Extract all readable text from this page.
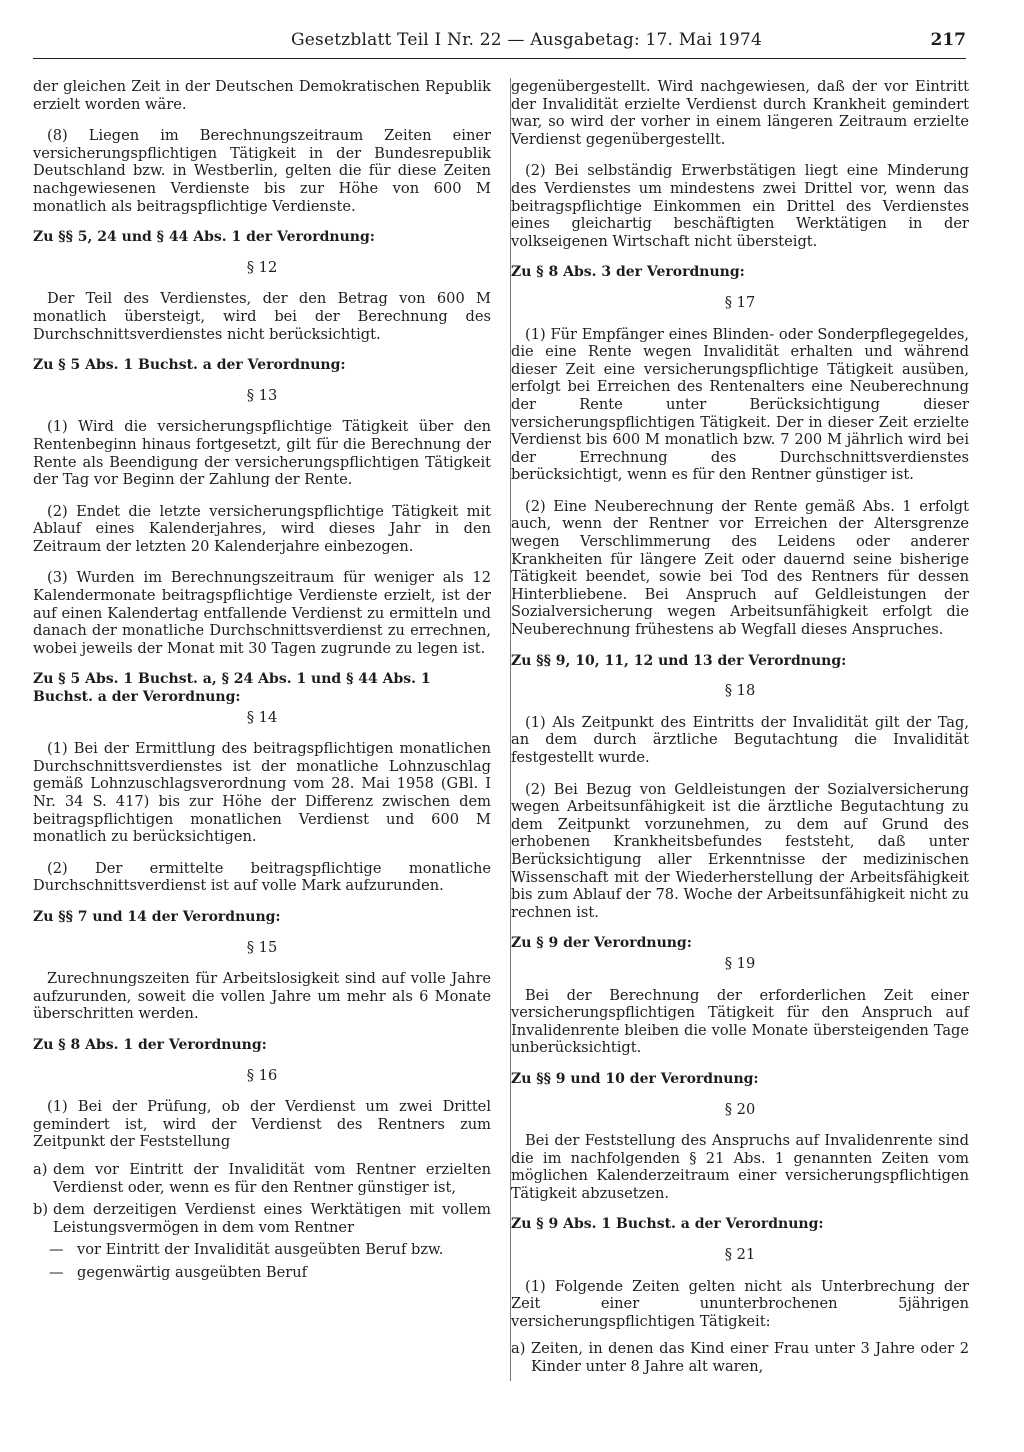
Gesetzblatt Teil I Nr. 22 — Ausgabetag: 17. Mai 1974	217

der gleichen Zeit in der Deutschen Demokratischen Republik erzielt worden wäre.

(8) Liegen im Berechnungszeitraum Zeiten einer versicherungspflichtigen Tätigkeit in der Bundesrepublik Deutschland bzw. in Westberlin, gelten die für diese Zeiten nachgewiesenen Verdienste bis zur Höhe von 600 M monatlich als beitragspflichtige Verdienste.

Zu §§ 5, 24 und § 44 Abs. 1 der Verordnung:
§ 12

Der Teil des Verdienstes, der den Betrag von 600 M monatlich übersteigt, wird bei der Berechnung des Durchschnittsverdienstes nicht berücksichtigt.

Zu § 5 Abs. 1 Buchst. a der Verordnung:
§ 13

(1) Wird die versicherungspflichtige Tätigkeit über den Rentenbeginn hinaus fortgesetzt, gilt für die Berechnung der Rente als Beendigung der versicherungspflichtigen Tätigkeit der Tag vor Beginn der Zahlung der Rente.

(2) Endet die letzte versicherungspflichtige Tätigkeit mit Ablauf eines Kalenderjahres, wird dieses Jahr in den Zeitraum der letzten 20 Kalenderjahre einbezogen.

(3) Wurden im Berechnungszeitraum für weniger als 12 Kalendermonate beitragspflichtige Verdienste erzielt, ist der auf einen Kalendertag entfallende Verdienst zu ermitteln und danach der monatliche Durchschnittsverdienst zu errechnen, wobei jeweils der Monat mit 30 Tagen zugrunde zu legen ist.

Zu § 5 Abs. 1 Buchst. a, § 24 Abs. 1 und § 44 Abs. 1 Buchst. a der Verordnung:
§ 14

(1) Bei der Ermittlung des beitragspflichtigen monatlichen Durchschnittsverdienstes ist der monatliche Lohnzuschlag gemäß Lohnzuschlagsverordnung vom 28. Mai 1958 (GBl. I Nr. 34 S. 417) bis zur Höhe der Differenz zwischen dem beitragspflichtigen monatlichen Verdienst und 600 M monatlich zu berücksichtigen.

(2) Der ermittelte beitragspflichtige monatliche Durchschnittsverdienst ist auf volle Mark aufzurunden.

Zu §§ 7 und 14 der Verordnung:
§ 15

Zurechnungszeiten für Arbeitslosigkeit sind auf volle Jahre aufzurunden, soweit die vollen Jahre um mehr als 6 Monate überschritten werden.

Zu § 8 Abs. 1 der Verordnung:
§ 16

(1) Bei der Prüfung, ob der Verdienst um zwei Drittel gemindert ist, wird der Verdienst des Rentners zum Zeitpunkt der Feststellung

a) dem vor Eintritt der Invalidität vom Rentner erzielten Verdienst oder, wenn es für den Rentner günstiger ist,
b) dem derzeitigen Verdienst eines Werktätigen mit vollem Leistungsvermögen in dem vom Rentner
— vor Eintritt der Invalidität ausgeübten Beruf bzw.
— gegenwärtig ausgeübten Beruf

gegenübergestellt. Wird nachgewiesen, daß der vor Eintritt der Invalidität erzielte Verdienst durch Krankheit gemindert war, so wird der vorher in einem längeren Zeitraum erzielte Verdienst gegenübergestellt.

(2) Bei selbständig Erwerbstätigen liegt eine Minderung des Verdienstes um mindestens zwei Drittel vor, wenn das beitragspflichtige Einkommen ein Drittel des Verdienstes eines gleichartig beschäftigten Werktätigen in der volkseigenen Wirtschaft nicht übersteigt.

Zu § 8 Abs. 3 der Verordnung:
§ 17

(1) Für Empfänger eines Blinden- oder Sonderpflegegeldes, die eine Rente wegen Invalidität erhalten und während dieser Zeit eine versicherungspflichtige Tätigkeit ausüben, erfolgt bei Erreichen des Rentenalters eine Neuberechnung der Rente unter Berücksichtigung dieser versicherungspflichtigen Tätigkeit. Der in dieser Zeit erzielte Verdienst bis 600 M monatlich bzw. 7 200 M jährlich wird bei der Errechnung des Durchschnittsverdienstes berücksichtigt, wenn es für den Rentner günstiger ist.

(2) Eine Neuberechnung der Rente gemäß Abs. 1 erfolgt auch, wenn der Rentner vor Erreichen der Altersgrenze wegen Verschlimmerung des Leidens oder anderer Krankheiten für längere Zeit oder dauernd seine bisherige Tätigkeit beendet, sowie bei Tod des Rentners für dessen Hinterbliebene. Bei Anspruch auf Geldleistungen der Sozialversicherung wegen Arbeitsunfähigkeit erfolgt die Neuberechnung frühestens ab Wegfall dieses Anspruches.

Zu §§ 9, 10, 11, 12 und 13 der Verordnung:
§ 18

(1) Als Zeitpunkt des Eintritts der Invalidität gilt der Tag, an dem durch ärztliche Begutachtung die Invalidität festgestellt wurde.

(2) Bei Bezug von Geldleistungen der Sozialversicherung wegen Arbeitsunfähigkeit ist die ärztliche Begutachtung zu dem Zeitpunkt vorzunehmen, zu dem auf Grund des erhobenen Krankheitsbefundes feststeht, daß unter Berücksichtigung aller Erkenntnisse der medizinischen Wissenschaft mit der Wiederherstellung der Arbeitsfähigkeit bis zum Ablauf der 78. Woche der Arbeitsunfähigkeit nicht zu rechnen ist.

Zu § 9 der Verordnung:
§ 19

Bei der Berechnung der erforderlichen Zeit einer versicherungspflichtigen Tätigkeit für den Anspruch auf Invalidenrente bleiben die volle Monate übersteigenden Tage unberücksichtigt.

Zu §§ 9 und 10 der Verordnung:
§ 20

Bei der Feststellung des Anspruchs auf Invalidenrente sind die im nachfolgenden § 21 Abs. 1 genannten Zeiten vom möglichen Kalenderzeitraum einer versicherungspflichtigen Tätigkeit abzusetzen.

Zu § 9 Abs. 1 Buchst. a der Verordnung:
§ 21

(1) Folgende Zeiten gelten nicht als Unterbrechung der Zeit einer ununterbrochenen 5jährigen versicherungspflichtigen Tätigkeit:

a) Zeiten, in denen das Kind einer Frau unter 3 Jahre oder 2 Kinder unter 8 Jahre alt waren,
